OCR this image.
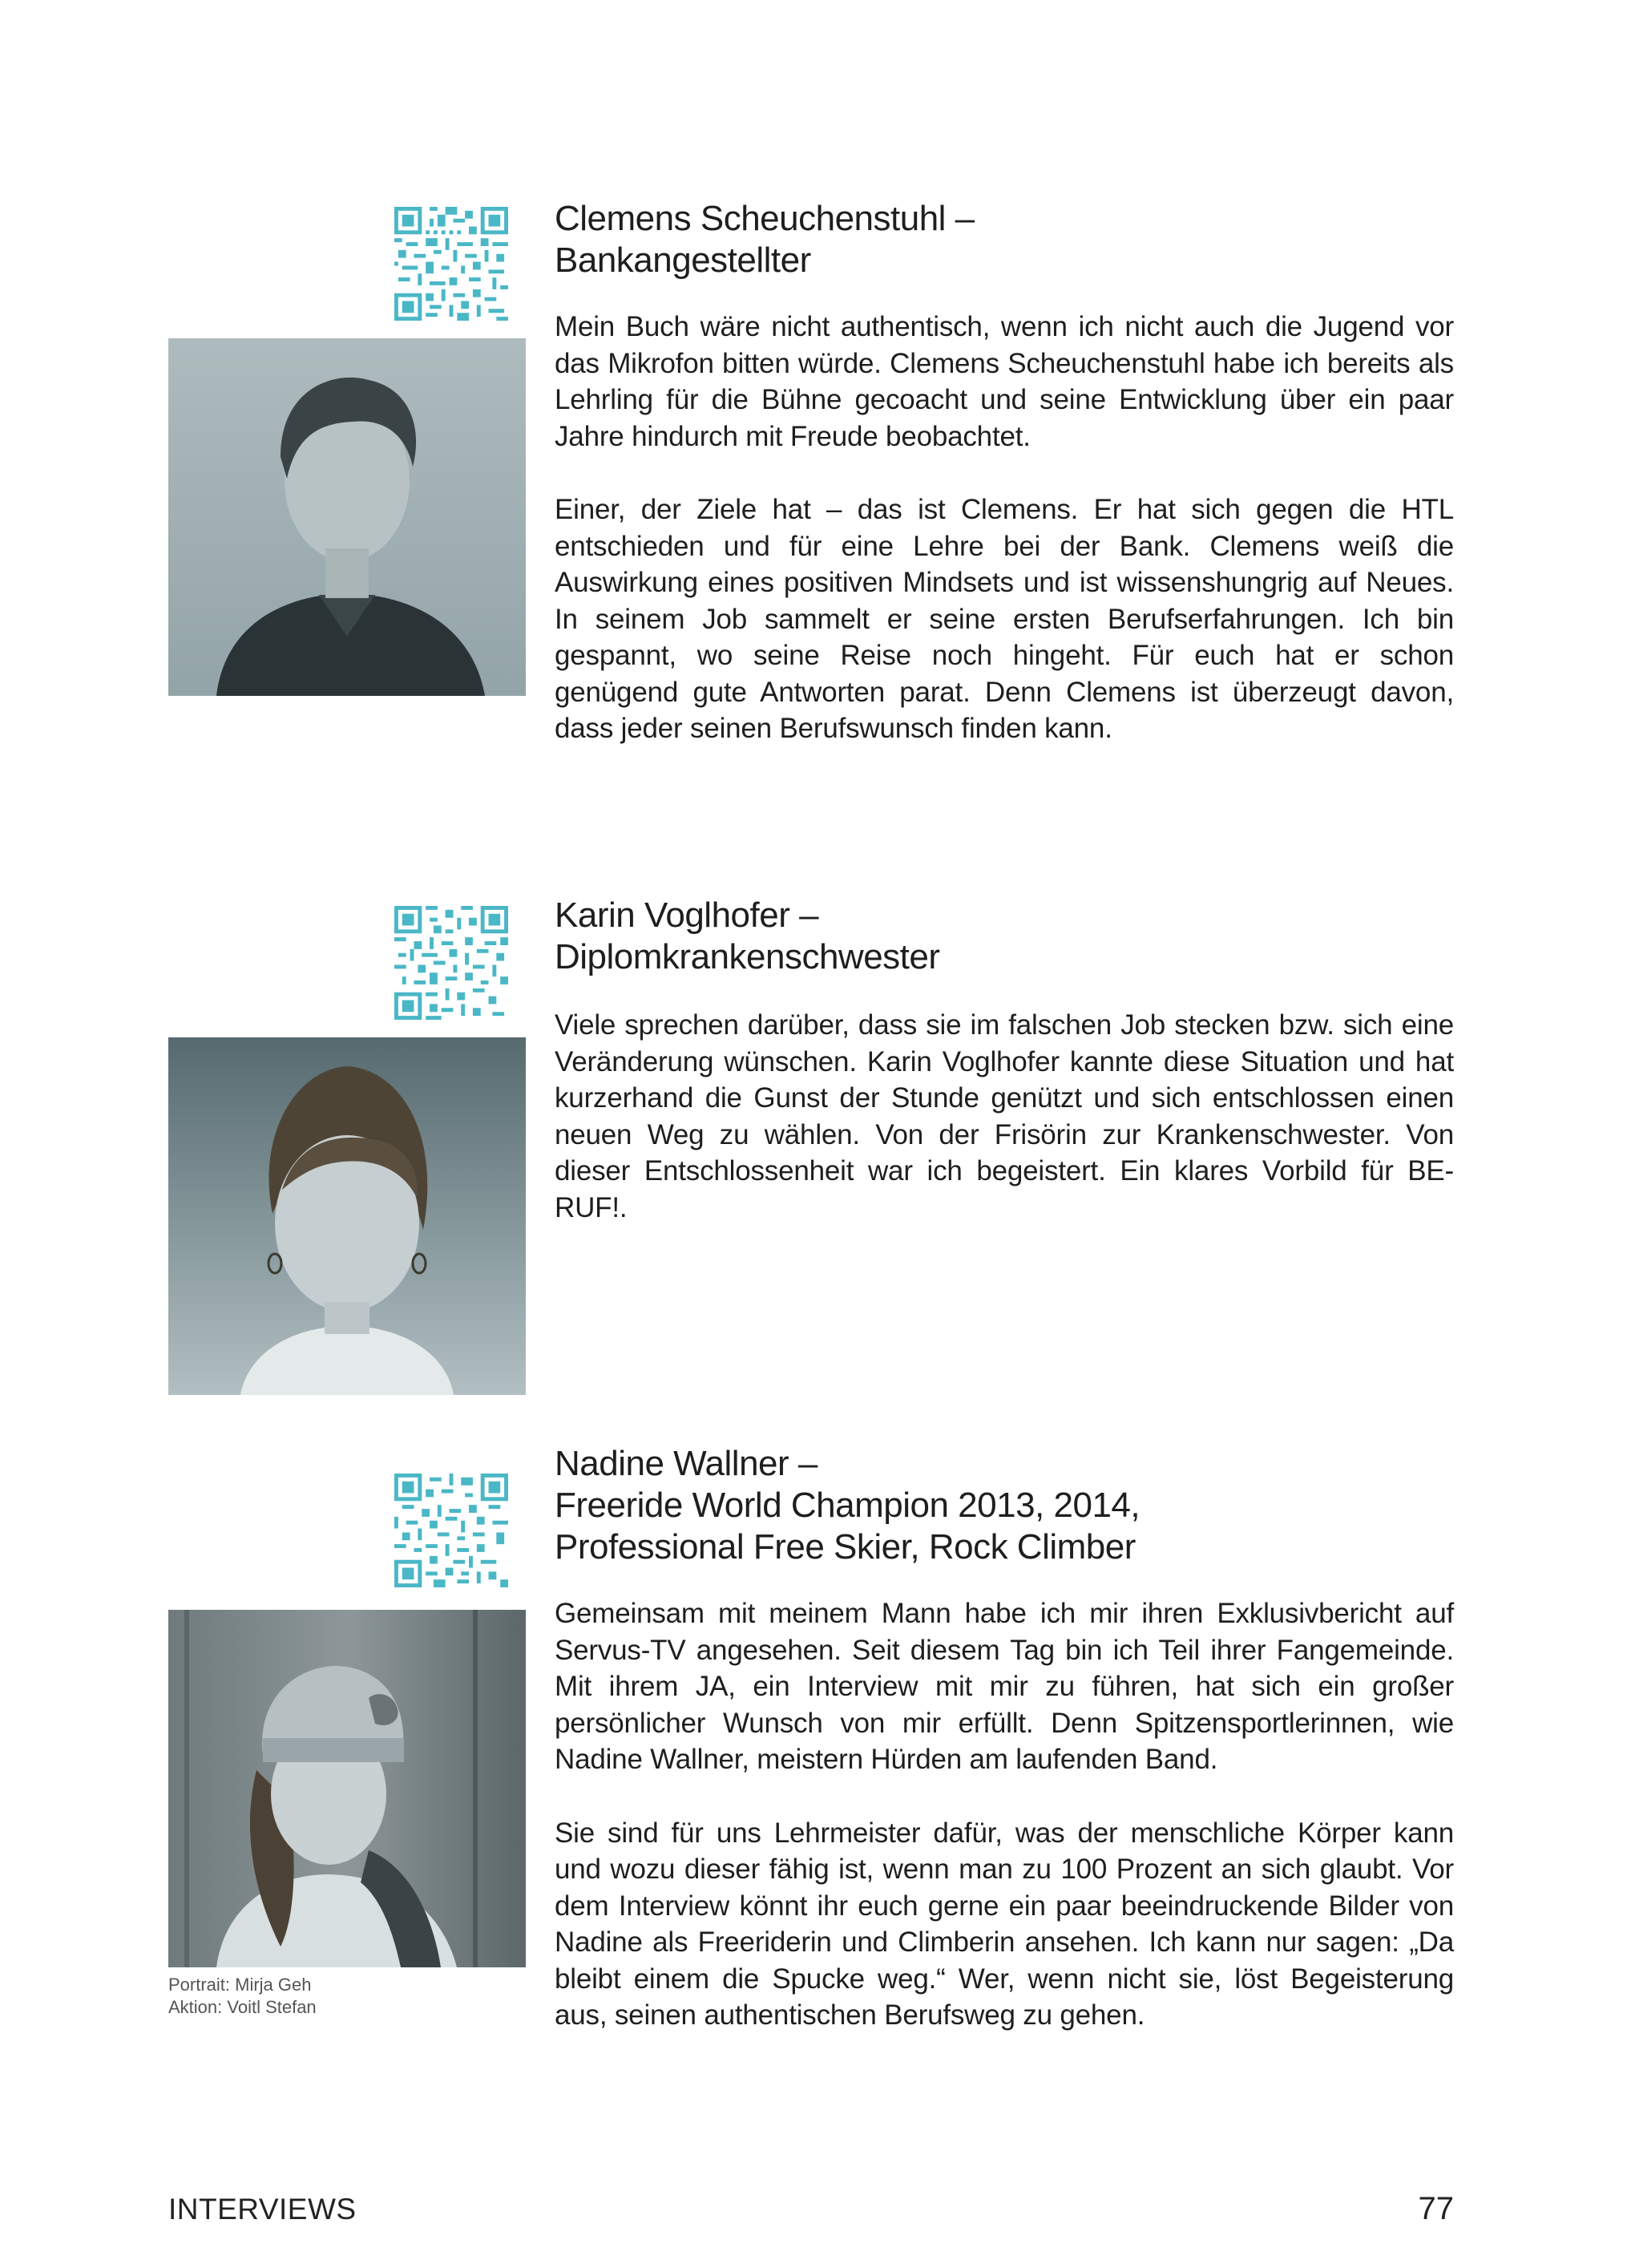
Clemens Scheuchenstuhl –
Bankangestellter

Mein Buch wäre nicht authentisch, wenn ich nicht auch die Jugend vor das Mikrofon bitten würde. Clemens Scheuchenstuhl habe ich bereits als Lehrling für die Bühne gecoacht und seine Entwicklung über ein paar Jahre hindurch mit Freude beobachtet.

Einer, der Ziele hat – das ist Clemens. Er hat sich gegen die HTL entschieden und für eine Lehre bei der Bank. Clemens weiß die Auswirkung eines positiven Mindsets und ist wissenshungrig auf Neues. In seinem Job sammelt er seine ersten Berufserfahrungen. Ich bin gespannt, wo seine Reise noch hingeht. Für euch hat er schon genügend gute Antworten parat. Denn Clemens ist überzeugt davon, dass jeder seinen Berufswunsch finden kann.

Karin Voglhofer –
Diplomkrankenschwester

Viele sprechen darüber, dass sie im falschen Job stecken bzw. sich eine Veränderung wünschen. Karin Voglhofer kannte diese Situation und hat kurzerhand die Gunst der Stunde genützt und sich entschlossen einen neuen Weg zu wählen. Von der Frisörin zur Krankenschwester. Von dieser Entschlossenheit war ich begeistert. Ein klares Vorbild für BE-RUF!.

Portrait: Mirja Geh
Aktion: Voitl Stefan
Nadine Wallner –
Freeride World Champion 2013, 2014,
Professional Free Skier, Rock Climber

Gemeinsam mit meinem Mann habe ich mir ihren Exklusivbericht auf Servus-TV angesehen. Seit diesem Tag bin ich Teil ihrer Fangemeinde. Mit ihrem JA, ein Interview mit mir zu führen, hat sich ein großer persönlicher Wunsch von mir erfüllt. Denn Spitzensportlerinnen, wie Nadine Wallner, meistern Hürden am laufenden Band.

Sie sind für uns Lehrmeister dafür, was der menschliche Körper kann und wozu dieser fähig ist, wenn man zu 100 Prozent an sich glaubt. Vor dem Interview könnt ihr euch gerne ein paar beeindruckende Bilder von Nadine als Freeriderin und Climberin ansehen. Ich kann nur sagen: „Da bleibt einem die Spucke weg.“ Wer, wenn nicht sie, löst Begeisterung aus, seinen authentischen Berufsweg zu gehen.

INTERVIEWS	77
